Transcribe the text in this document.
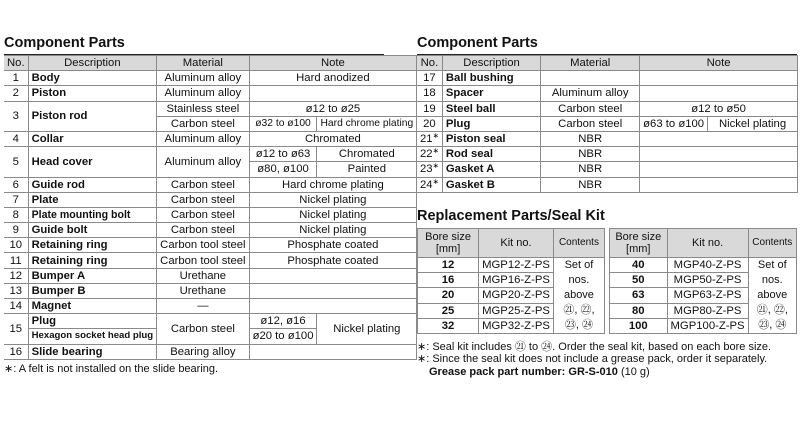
Component Parts
No.	Description	Material	Note	
1	Body	Aluminum alloy	Hard anodized	
2	Piston	Aluminum alloy		
3	Piston rod	Stainless steel	ø12 to ø25	
		Carbon steel	ø32 to ø100	Hard chrome plating
4	Collar	Aluminum alloy	Chromated	
5	Head cover	Aluminum alloy	ø12 to ø63	Chromated
			ø80, ø100	Painted
6	Guide rod	Carbon steel	Hard chrome plating	
7	Plate	Carbon steel	Nickel plating	
8	Plate mounting bolt	Carbon steel	Nickel plating	
9	Guide bolt	Carbon steel	Nickel plating	
10	Retaining ring	Carbon tool steel	Phosphate coated	
11	Retaining ring	Carbon tool steel	Phosphate coated	
12	Bumper A	Urethane		
13	Bumper B	Urethane		
14	Magnet	—		
15	Plug	Carbon steel	ø12, ø16	Nickel plating
	Hexagon socket head plug		ø20 to ø100	
16	Slide bearing	Bearing alloy		

∗: A felt is not installed on the slide bearing.

Component Parts
No.	Description	Material	Note	
17	Ball bushing			
18	Spacer	Aluminum alloy		
19	Steel ball	Carbon steel	ø12 to ø50	
20	Plug	Carbon steel	ø63 to ø100	Nickel plating
21∗	Piston seal	NBR		
22∗	Rod seal	NBR		
23∗	Gasket A	NBR		
24∗	Gasket B	NBR		
Replacement Parts/Seal Kit
Bore size
[mm]	Kit no.	Contents
12	MGP12-Z-PS	Set of
nos.
above
㉑, ㉒,
㉓, ㉔
16	MGP16-Z-PS	
20	MGP20-Z-PS	
25	MGP25-Z-PS	
32	MGP32-Z-PS	
Bore size
[mm]	Kit no.	Contents
40	MGP40-Z-PS	Set of
nos.
above
㉑, ㉒,
㉓, ㉔
50	MGP50-Z-PS	
63	MGP63-Z-PS	
80	MGP80-Z-PS	
100	MGP100-Z-PS	

∗: Seal kit includes ㉑ to ㉔. Order the seal kit, based on each bore size.

∗: Since the seal kit does not include a grease pack, order it separately.

Grease pack part number: GR-S-010 (10 g)
